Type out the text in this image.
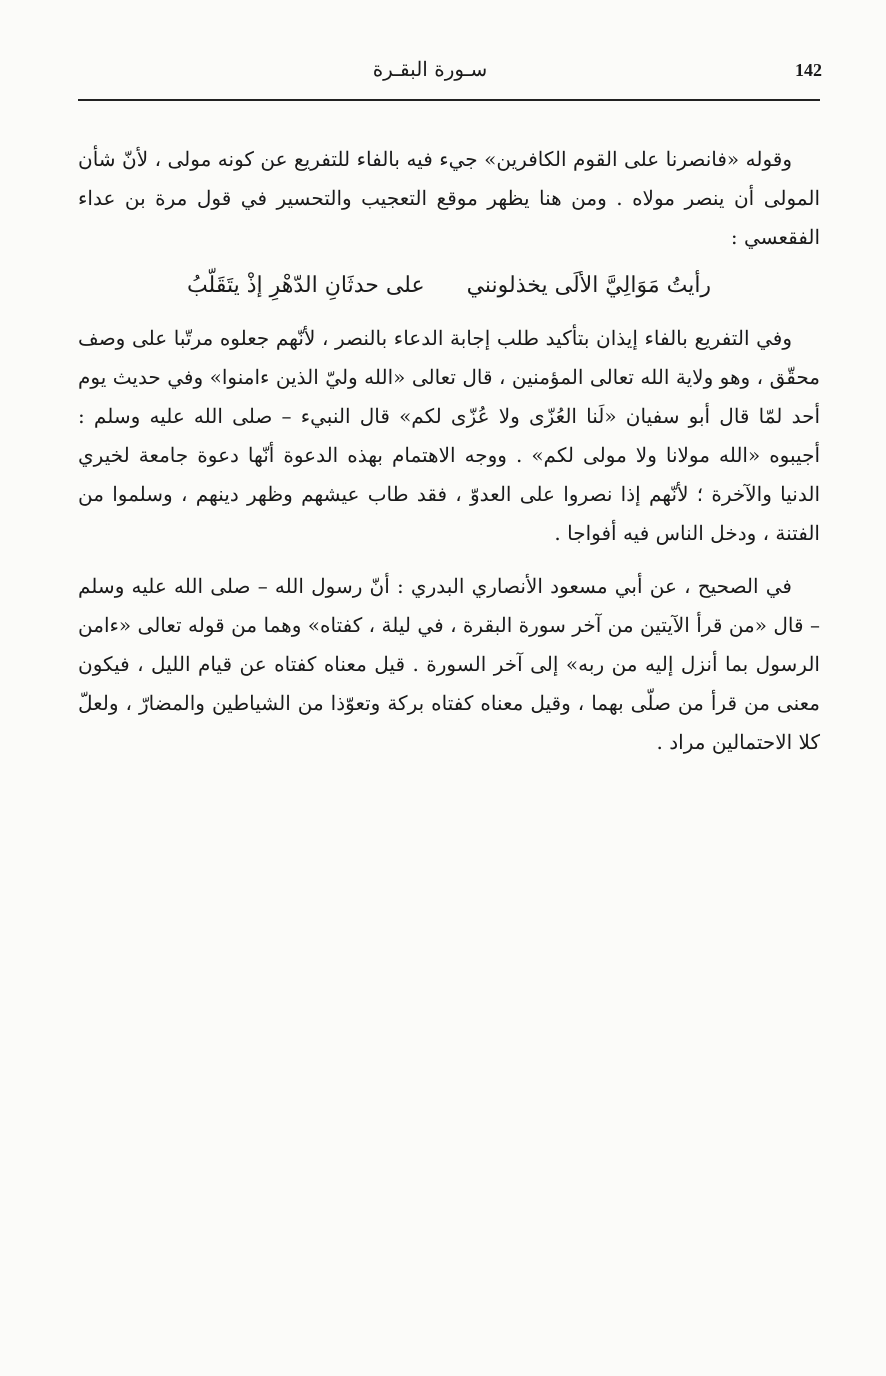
142
سـورة البقـرة

وقوله «فانصرنا على القوم الكافرين» جيء فيه بالفاء للتفريع عن كونه مولى ، لأنّ شأن المولى أن ينصر مولاه . ومن هنا يظهر موقع التعجيب والتحسير في قول مرة بن عداء الفقعسي :

رأيتُ مَوَالِيَّ الألَى يخذلوننيعلى حدثَانِ الدّهْرِ إذْ يتَقَلّبُ

وفي التفريع بالفاء إيذان بتأكيد طلب إجابة الدعاء بالنصر ، لأنّهم جعلوه مرتّبا على وصف محقّق ، وهو ولاية الله تعالى المؤمنين ، قال تعالى «الله وليّ الذين ءامنوا» وفي حديث يوم أحد لمّا قال أبو سفيان «لَنا العُزّى ولا عُزّى لكم» قال النبيء – صلى الله عليه وسلم : أجيبوه «الله مولانا ولا مولى لكم» . ووجه الاهتمام بهذه الدعوة أنّها دعوة جامعة لخيري الدنيا والآخرة ؛ لأنّهم إذا نصروا على العدوّ ، فقد طاب عيشهم وظهر دينهم ، وسلموا من الفتنة ، ودخل الناس فيه أفواجا .

في الصحيح ، عن أبي مسعود الأنصاري البدري : أنّ رسول الله – صلى الله عليه وسلم – قال «من قرأ الآيتين من آخر سورة البقرة ، في ليلة ، كفتاه» وهما من قوله تعالى «ءامن الرسول بما أنزل إليه من ربه» إلى آخر السورة . قيل معناه كفتاه عن قيام الليل ، فيكون معنى من قرأ من صلّى بهما ، وقيل معناه كفتاه بركة وتعوّذا من الشياطين والمضارّ ، ولعلّ كلا الاحتمالين مراد .
